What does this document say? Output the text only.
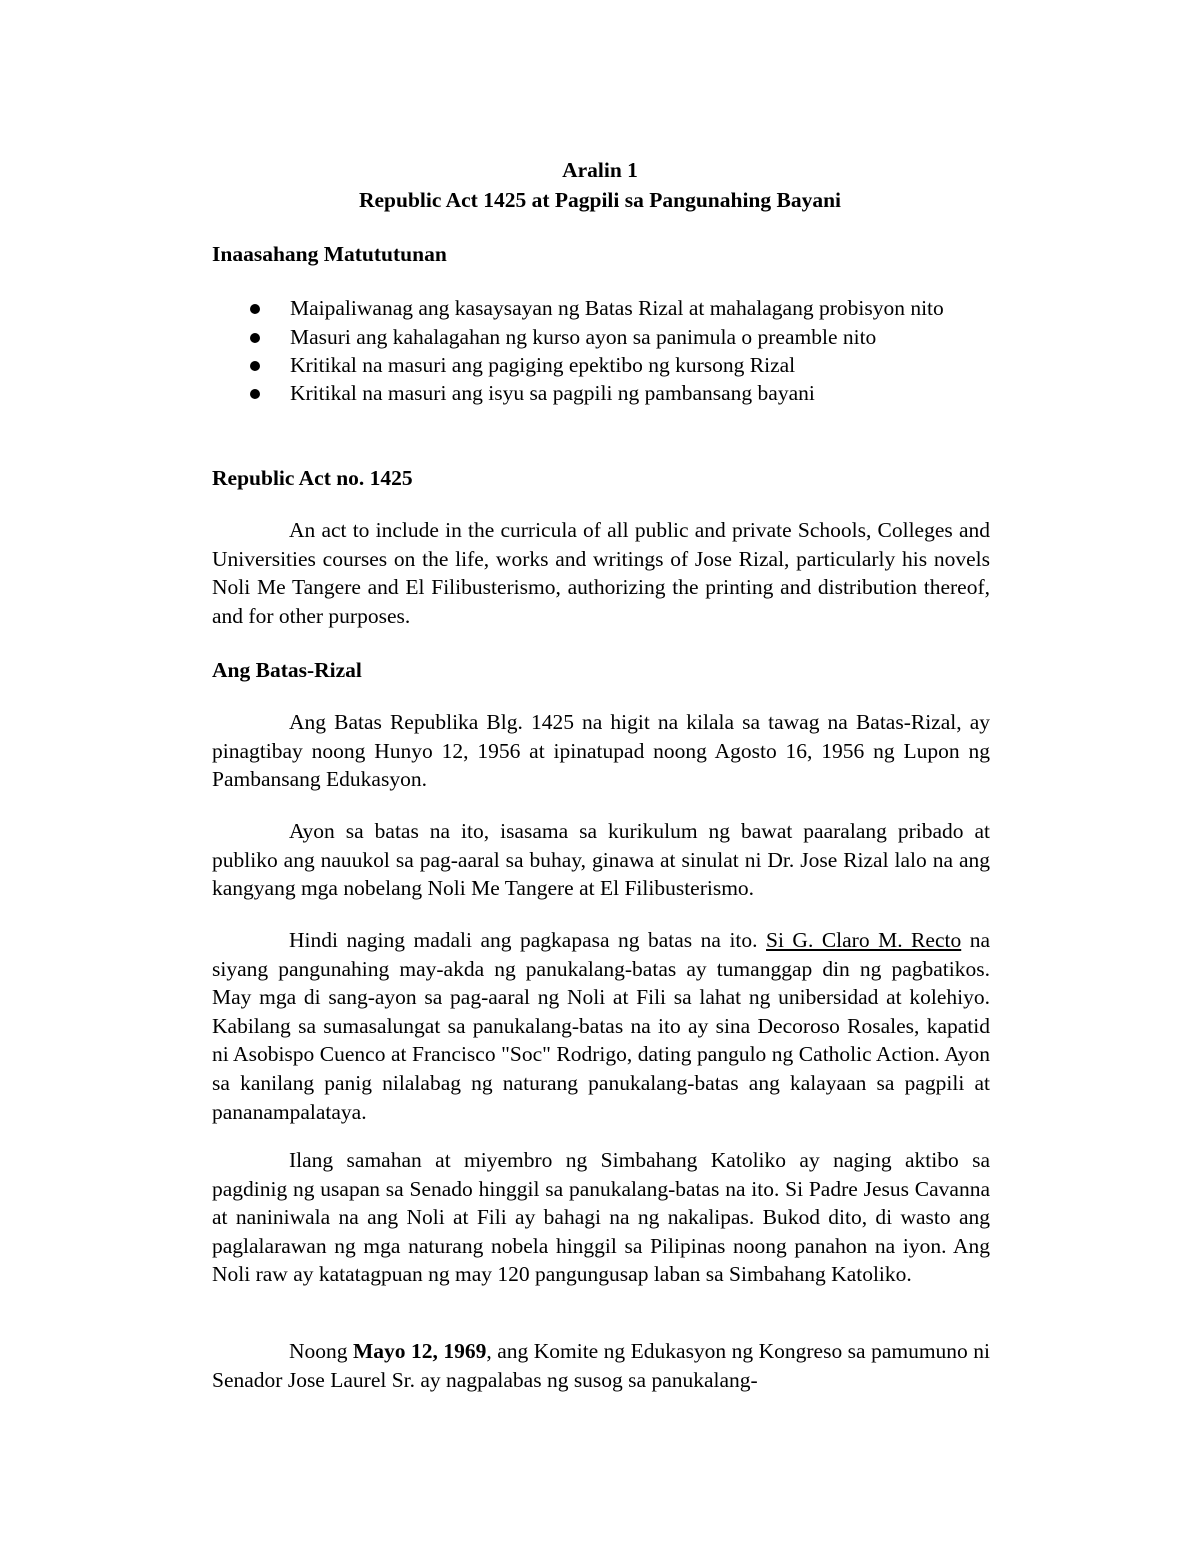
Aralin 1
Republic Act 1425 at Pagpili sa Pangunahing Bayani
Inaasahang Matututunan
Maipaliwanag ang kasaysayan ng Batas Rizal at mahalagang probisyon nito
Masuri ang kahalagahan ng kurso ayon sa panimula o preamble nito
Kritikal na masuri ang pagiging epektibo ng kursong Rizal
Kritikal na masuri ang isyu sa pagpili ng pambansang bayani
Republic Act no. 1425

An act to include in the curricula of all public and private Schools, Colleges and Universities courses on the life, works and writings of Jose Rizal, particularly his novels Noli Me Tangere and El Filibusterismo, authorizing the printing and distribution thereof, and for other purposes.

Ang Batas-Rizal

Ang Batas Republika Blg. 1425 na higit na kilala sa tawag na Batas-Rizal, ay pinagtibay noong Hunyo 12, 1956 at ipinatupad noong Agosto 16, 1956 ng Lupon ng Pambansang Edukasyon.

Ayon sa batas na ito, isasama sa kurikulum ng bawat paaralang pribado at publiko ang nauukol sa pag-aaral sa buhay, ginawa at sinulat ni Dr. Jose Rizal lalo na ang kangyang mga nobelang Noli Me Tangere at El Filibusterismo.

Hindi naging madali ang pagkapasa ng batas na ito. Si G. Claro M. Recto na siyang pangunahing may-akda ng panukalang-batas ay tumanggap din ng pagbatikos. May mga di sang-ayon sa pag-aaral ng Noli at Fili sa lahat ng unibersidad at kolehiyo. Kabilang sa sumasalungat sa panukalang-batas na ito ay sina Decoroso Rosales, kapatid ni Asobispo Cuenco at Francisco "Soc" Rodrigo, dating pangulo ng Catholic Action. Ayon sa kanilang panig nilalabag ng naturang panukalang-batas ang kalayaan sa pagpili at pananampalataya.

Ilang samahan at miyembro ng Simbahang Katoliko ay naging aktibo sa pagdinig ng usapan sa Senado hinggil sa panukalang-batas na ito. Si Padre Jesus Cavanna at naniniwala na ang Noli at Fili ay bahagi na ng nakalipas. Bukod dito, di wasto ang paglalarawan ng mga naturang nobela hinggil sa Pilipinas noong panahon na iyon. Ang Noli raw ay katatagpuan ng may 120 pangungusap laban sa Simbahang Katoliko.

Noong Mayo 12, 1969, ang Komite ng Edukasyon ng Kongreso sa pamumuno ni Senador Jose Laurel Sr. ay nagpalabas ng susog sa panukalang-
